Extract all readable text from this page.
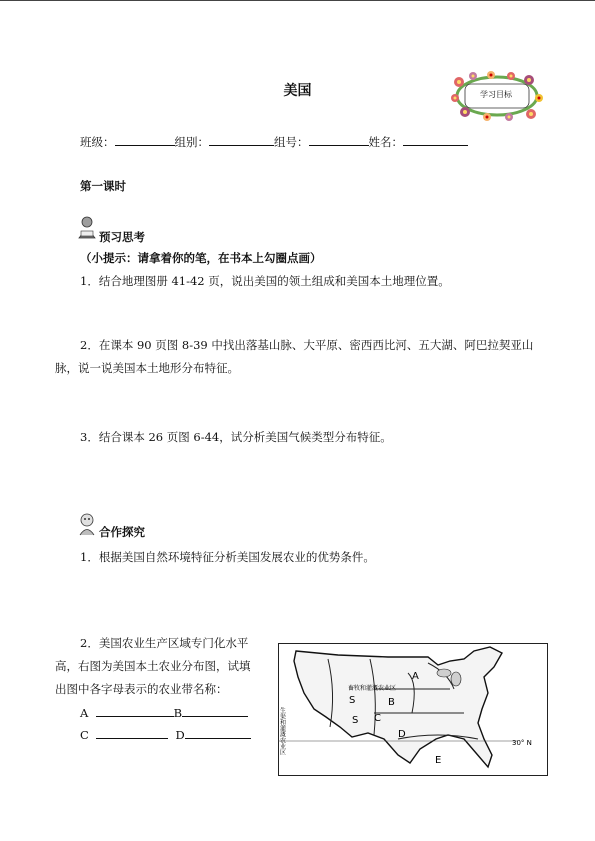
美国	学习目标
班级：	组别：	组号：	姓名：
第一课时
预习思考
（小提示：请拿着你的笔，在书本上勾圈点画）
1．结合地理图册 41-42 页，说出美国的领土组成和美国本土地理位置。
2．在课本 90 页图 8-39 中找出落基山脉、大平原、密西西比河、五大湖、阿巴拉契亚山
脉，说一说美国本土地形分布特征。
3．结合课本 26 页图 6-44，试分析美国气候类型分布特征。
合作探究
1．根据美国自然环境特征分析美国发展农业的优势条件。
2．美国农业生产区域专门化水平
高，右图为美国本土农业分布图，试填
出图中各字母表示的农业带名称：
A	B
C	D
A
B
C
D
E
S
S
畜牧和灌溉农业区
30° N
生渠和灌溉农业区
